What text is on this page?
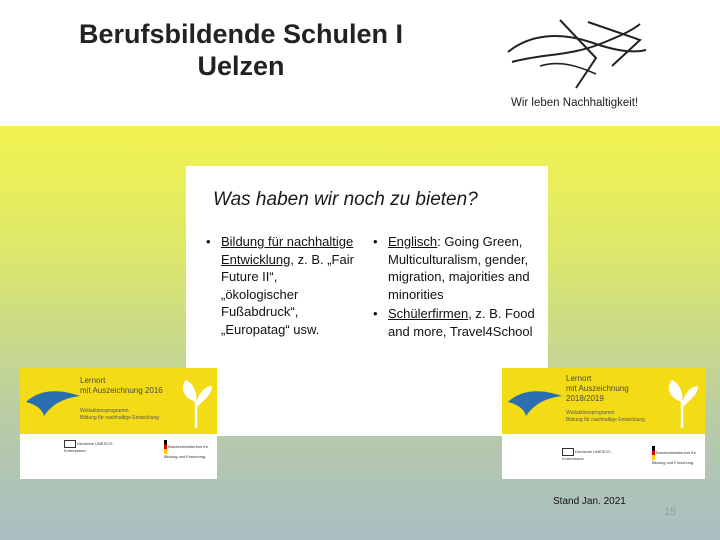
Berufsbildende Schulen I
Uelzen
Wir leben Nachhaltigkeit!
Was haben wir noch zu bieten?
• Bildung für nachhaltige Entwicklung, z. B. „Fair Future II“, „ökologischer Fußabdruck“, „Europatag“ usw.
• Englisch: Going Green, Multiculturalism, gender, migration, majorities and minorities
• Schülerfirmen, z. B. Food and more, Travel4School
Lernort
mit Auszeichnung 2016
Weltaktionsprogramm
Bildung für nachhaltige Entwicklung
Deutsche UNESCO-Kommission
Bundesministerium für Bildung und Forschung
Lernort
mit Auszeichnung
2018/2019
Weltaktionsprogramm
Bildung für nachhaltige Entwicklung
Deutsche UNESCO-Kommission
Bundesministerium für Bildung und Forschung
Stand Jan. 2021
15
